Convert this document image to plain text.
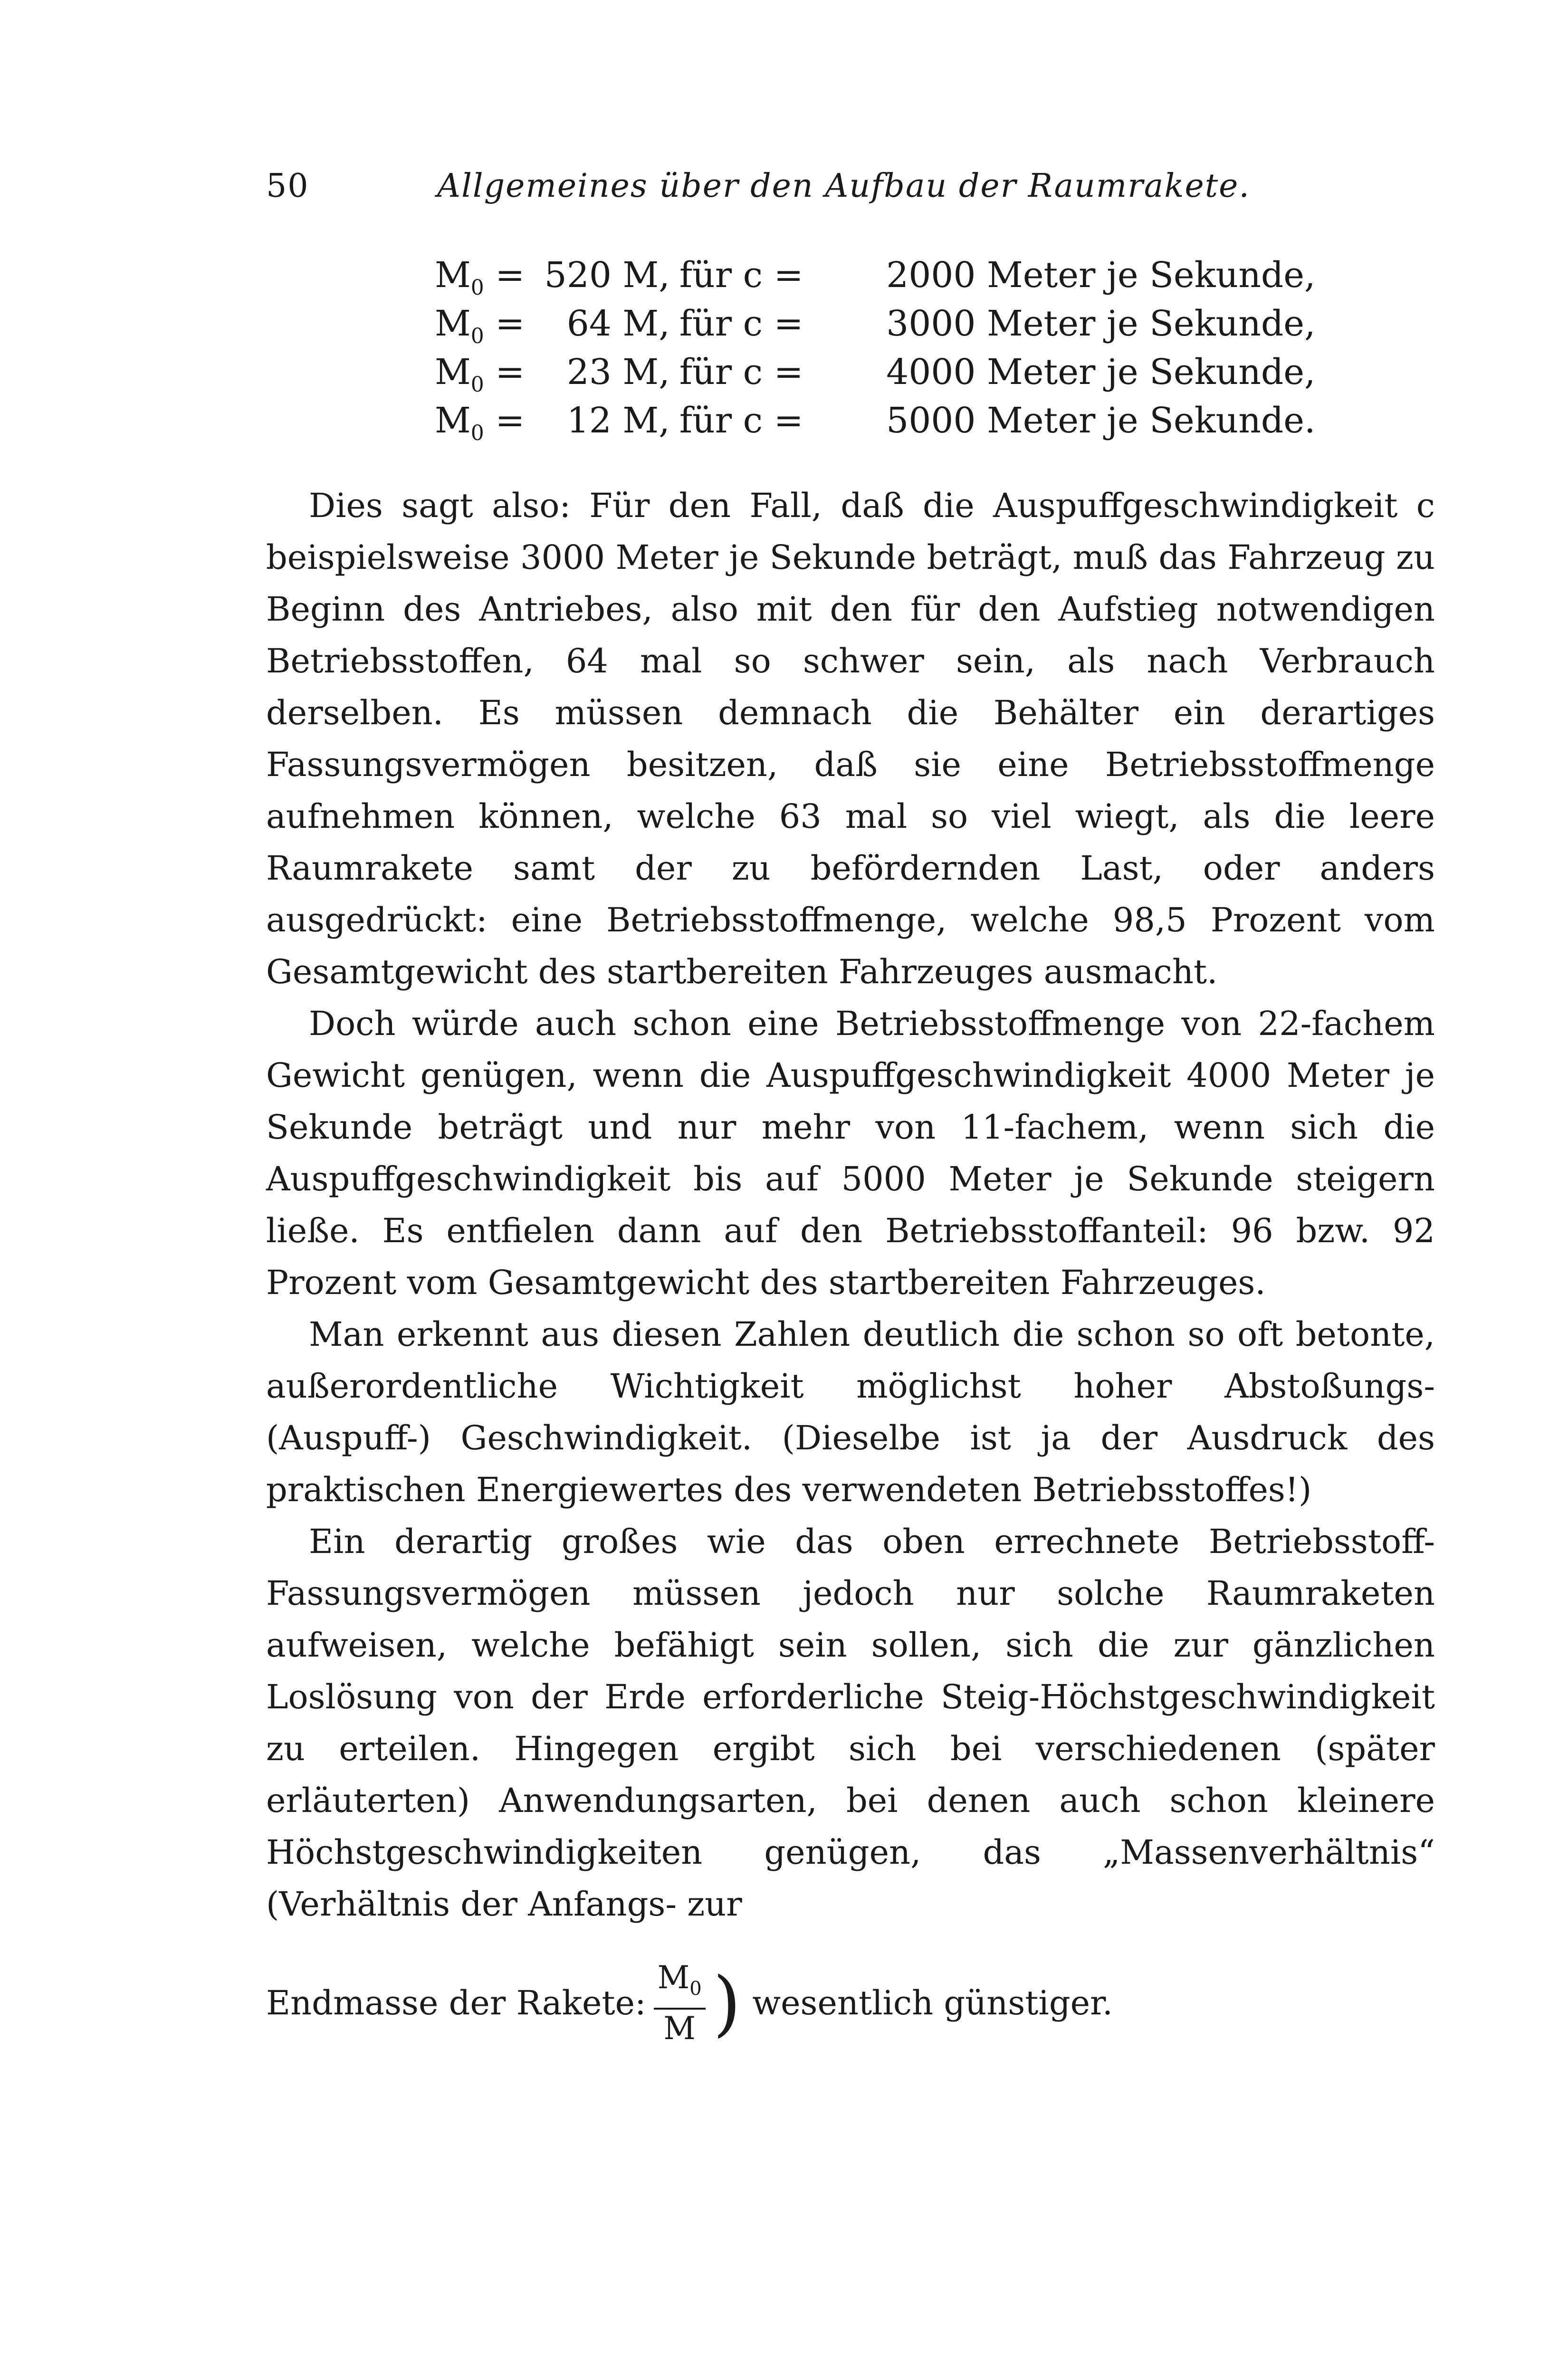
50	Allgemeines über den Aufbau der Raumrakete.
$M_0 = 520$ M, für c =	2000 Meter je Sekunde,
$M_0$ =	64 M, für c =	3000 Meter je Sekunde,
$M_0$ =	23 M, für c =	4000 Meter je Sekunde,
$M_0$ =	12 M, für c =	5000 Meter je Sekunde.

Dies sagt also: Für den Fall, daß die Auspuffgeschwindigkeit c beispielsweise 3000 Meter je Sekunde beträgt, muß das Fahrzeug zu Beginn des Antriebes, also mit den für den Aufstieg notwendigen Betriebsstoffen, 64 mal so schwer sein, als nach Verbrauch derselben. Es müssen demnach die Behälter ein derartiges Fassungsvermögen besitzen, daß sie eine Betriebsstoffmenge aufnehmen können, welche 63 mal so viel wiegt, als die leere Raumrakete samt der zu befördernden Last, oder anders ausgedrückt: eine Betriebsstoffmenge, welche 98,5 Prozent vom Gesamtgewicht des startbereiten Fahrzeuges ausmacht.

Doch würde auch schon eine Betriebsstoffmenge von 22-fachem Gewicht genügen, wenn die Auspuffgeschwindigkeit 4000 Meter je Sekunde beträgt und nur mehr von 11-fachem, wenn sich die Auspuffgeschwindigkeit bis auf 5000 Meter je Sekunde steigern ließe. Es entfielen dann auf den Betriebsstoffanteil: 96 bzw. 92 Prozent vom Gesamtgewicht des startbereiten Fahrzeuges.

Man erkennt aus diesen Zahlen deutlich die schon so oft betonte, außerordentliche Wichtigkeit möglichst hoher Abstoßungs- (Auspuff-) Geschwindigkeit. (Dieselbe ist ja der Ausdruck des praktischen Energiewertes des verwendeten Betriebsstoffes!)

Ein derartig großes wie das oben errechnete Betriebsstoff-Fassungsvermögen müssen jedoch nur solche Raumraketen aufweisen, welche befähigt sein sollen, sich die zur gänzlichen Loslösung von der Erde erforderliche Steig-Höchstgeschwindigkeit zu erteilen. Hingegen ergibt sich bei verschiedenen (später erläuterten) Anwendungsarten, bei denen auch schon kleinere Höchstgeschwindigkeiten genügen, das „Massenverhältnis“ (Verhältnis der Anfangs- zur

Endmasse der Rakete: $\frac{M_0}{M}$ ) wesentlich günstiger.
